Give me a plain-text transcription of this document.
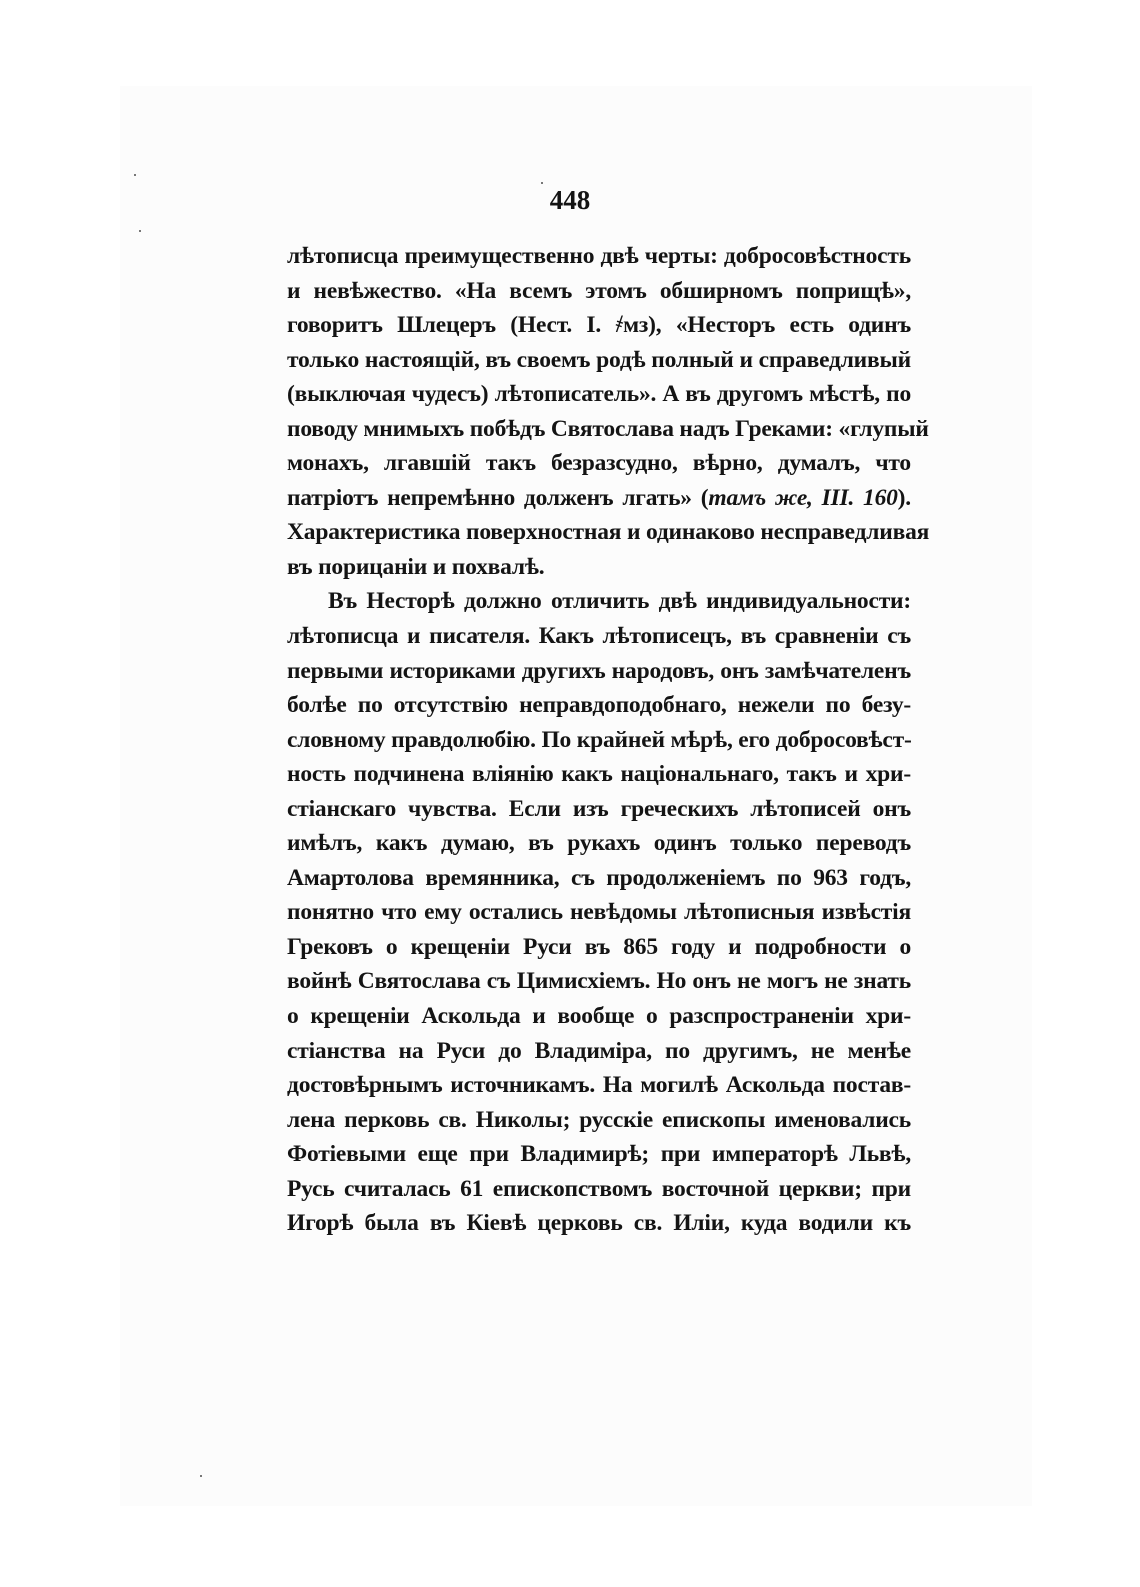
448

лѣтописца преимущественно двѣ черты: добросовѣстность
и невѣжество. «На всемъ этомъ обширномъ поприщѣ»,
говоритъ Шлецеръ (Нест. I. ҂мз), «Несторъ есть одинъ
только настоящій, въ своемъ родѣ полный и справедливый
(выключая чудесъ) лѣтописатель». А въ другомъ мѣстѣ, по
поводу мнимыхъ побѣдъ Святослава надъ Греками: «глупый
монахъ, лгавшій такъ безразсудно, вѣрно, думалъ, что
патріотъ непремѣнно долженъ лгать» (тамъ же, III. 160).
Характеристика поверхностная и одинаково несправедливая
въ порицаніи и похвалѣ.
Въ Несторѣ должно отличить двѣ индивидуальности:
лѣтописца и писателя. Какъ лѣтописецъ, въ сравненіи съ
первыми историками другихъ народовъ, онъ замѣчателенъ
болѣе по отсутствію неправдоподобнаго, нежели по безу-
словному правдолюбію. По крайней мѣрѣ, его добросовѣст-
ность подчинена вліянію какъ національнаго, такъ и хри-
стіанскаго чувства. Если изъ греческихъ лѣтописей онъ
имѣлъ, какъ думаю, въ рукахъ одинъ только переводъ
Амартолова времянника, съ продолженіемъ по 963 годъ,
понятно что ему остались невѣдомы лѣтописныя извѣстія
Грековъ о крещеніи Руси въ 865 году и подробности о
войнѣ Святослава съ Цимисхіемъ. Но онъ не могъ не знать
о крещеніи Аскольда и вообще о разспространеніи хри-
стіанства на Руси до Владиміра, по другимъ, не менѣе
достовѣрнымъ источникамъ. На могилѣ Аскольда постав-
лена перковь св. Николы; русскіе епископы именовались
Фотіевыми еще при Владимирѣ; при императорѣ Львѣ,
Русь считалась 61 епископствомъ восточной церкви; при
Игорѣ была въ Кіевѣ церковь св. Иліи, куда водили къ
